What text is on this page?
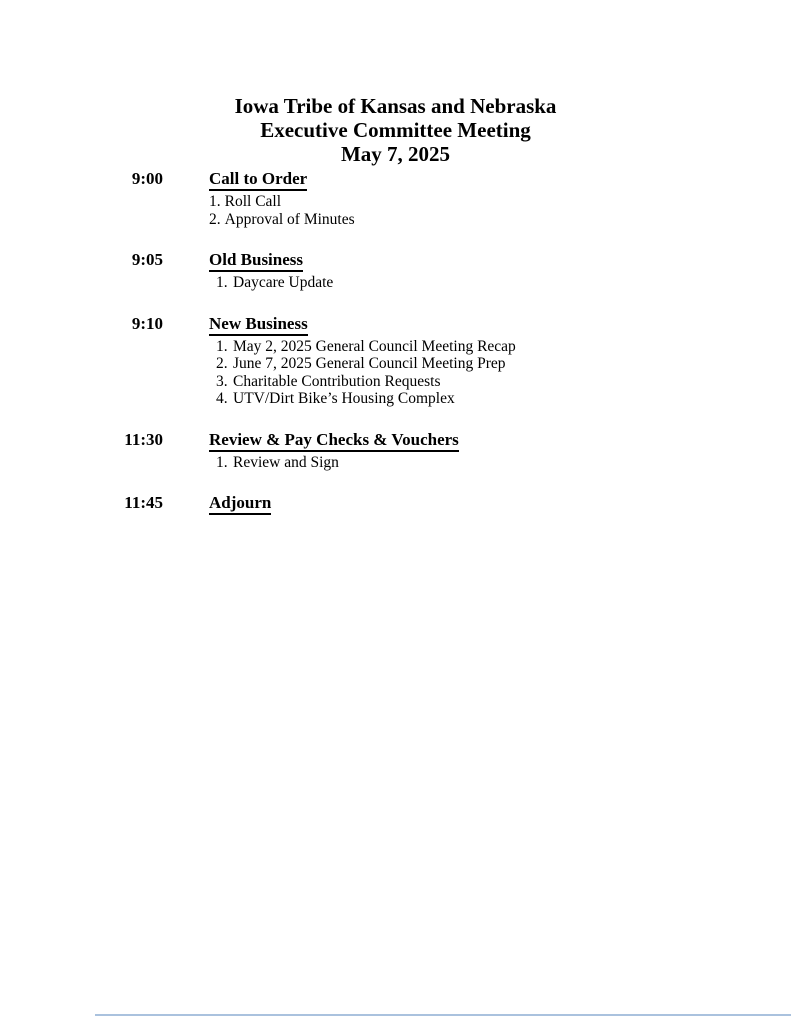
Iowa Tribe of Kansas and Nebraska
Executive Committee Meeting
May 7, 2025
9:00	Call to Order
1. Roll Call
2. Approval of Minutes
9:05	Old Business
1. Daycare Update
9:10	New Business
1. May 2, 2025 General Council Meeting Recap
2. June 7, 2025 General Council Meeting Prep
3. Charitable Contribution Requests
4. UTV/Dirt Bike’s Housing Complex
11:30	Review & Pay Checks & Vouchers
1. Review and Sign
11:45	Adjourn
